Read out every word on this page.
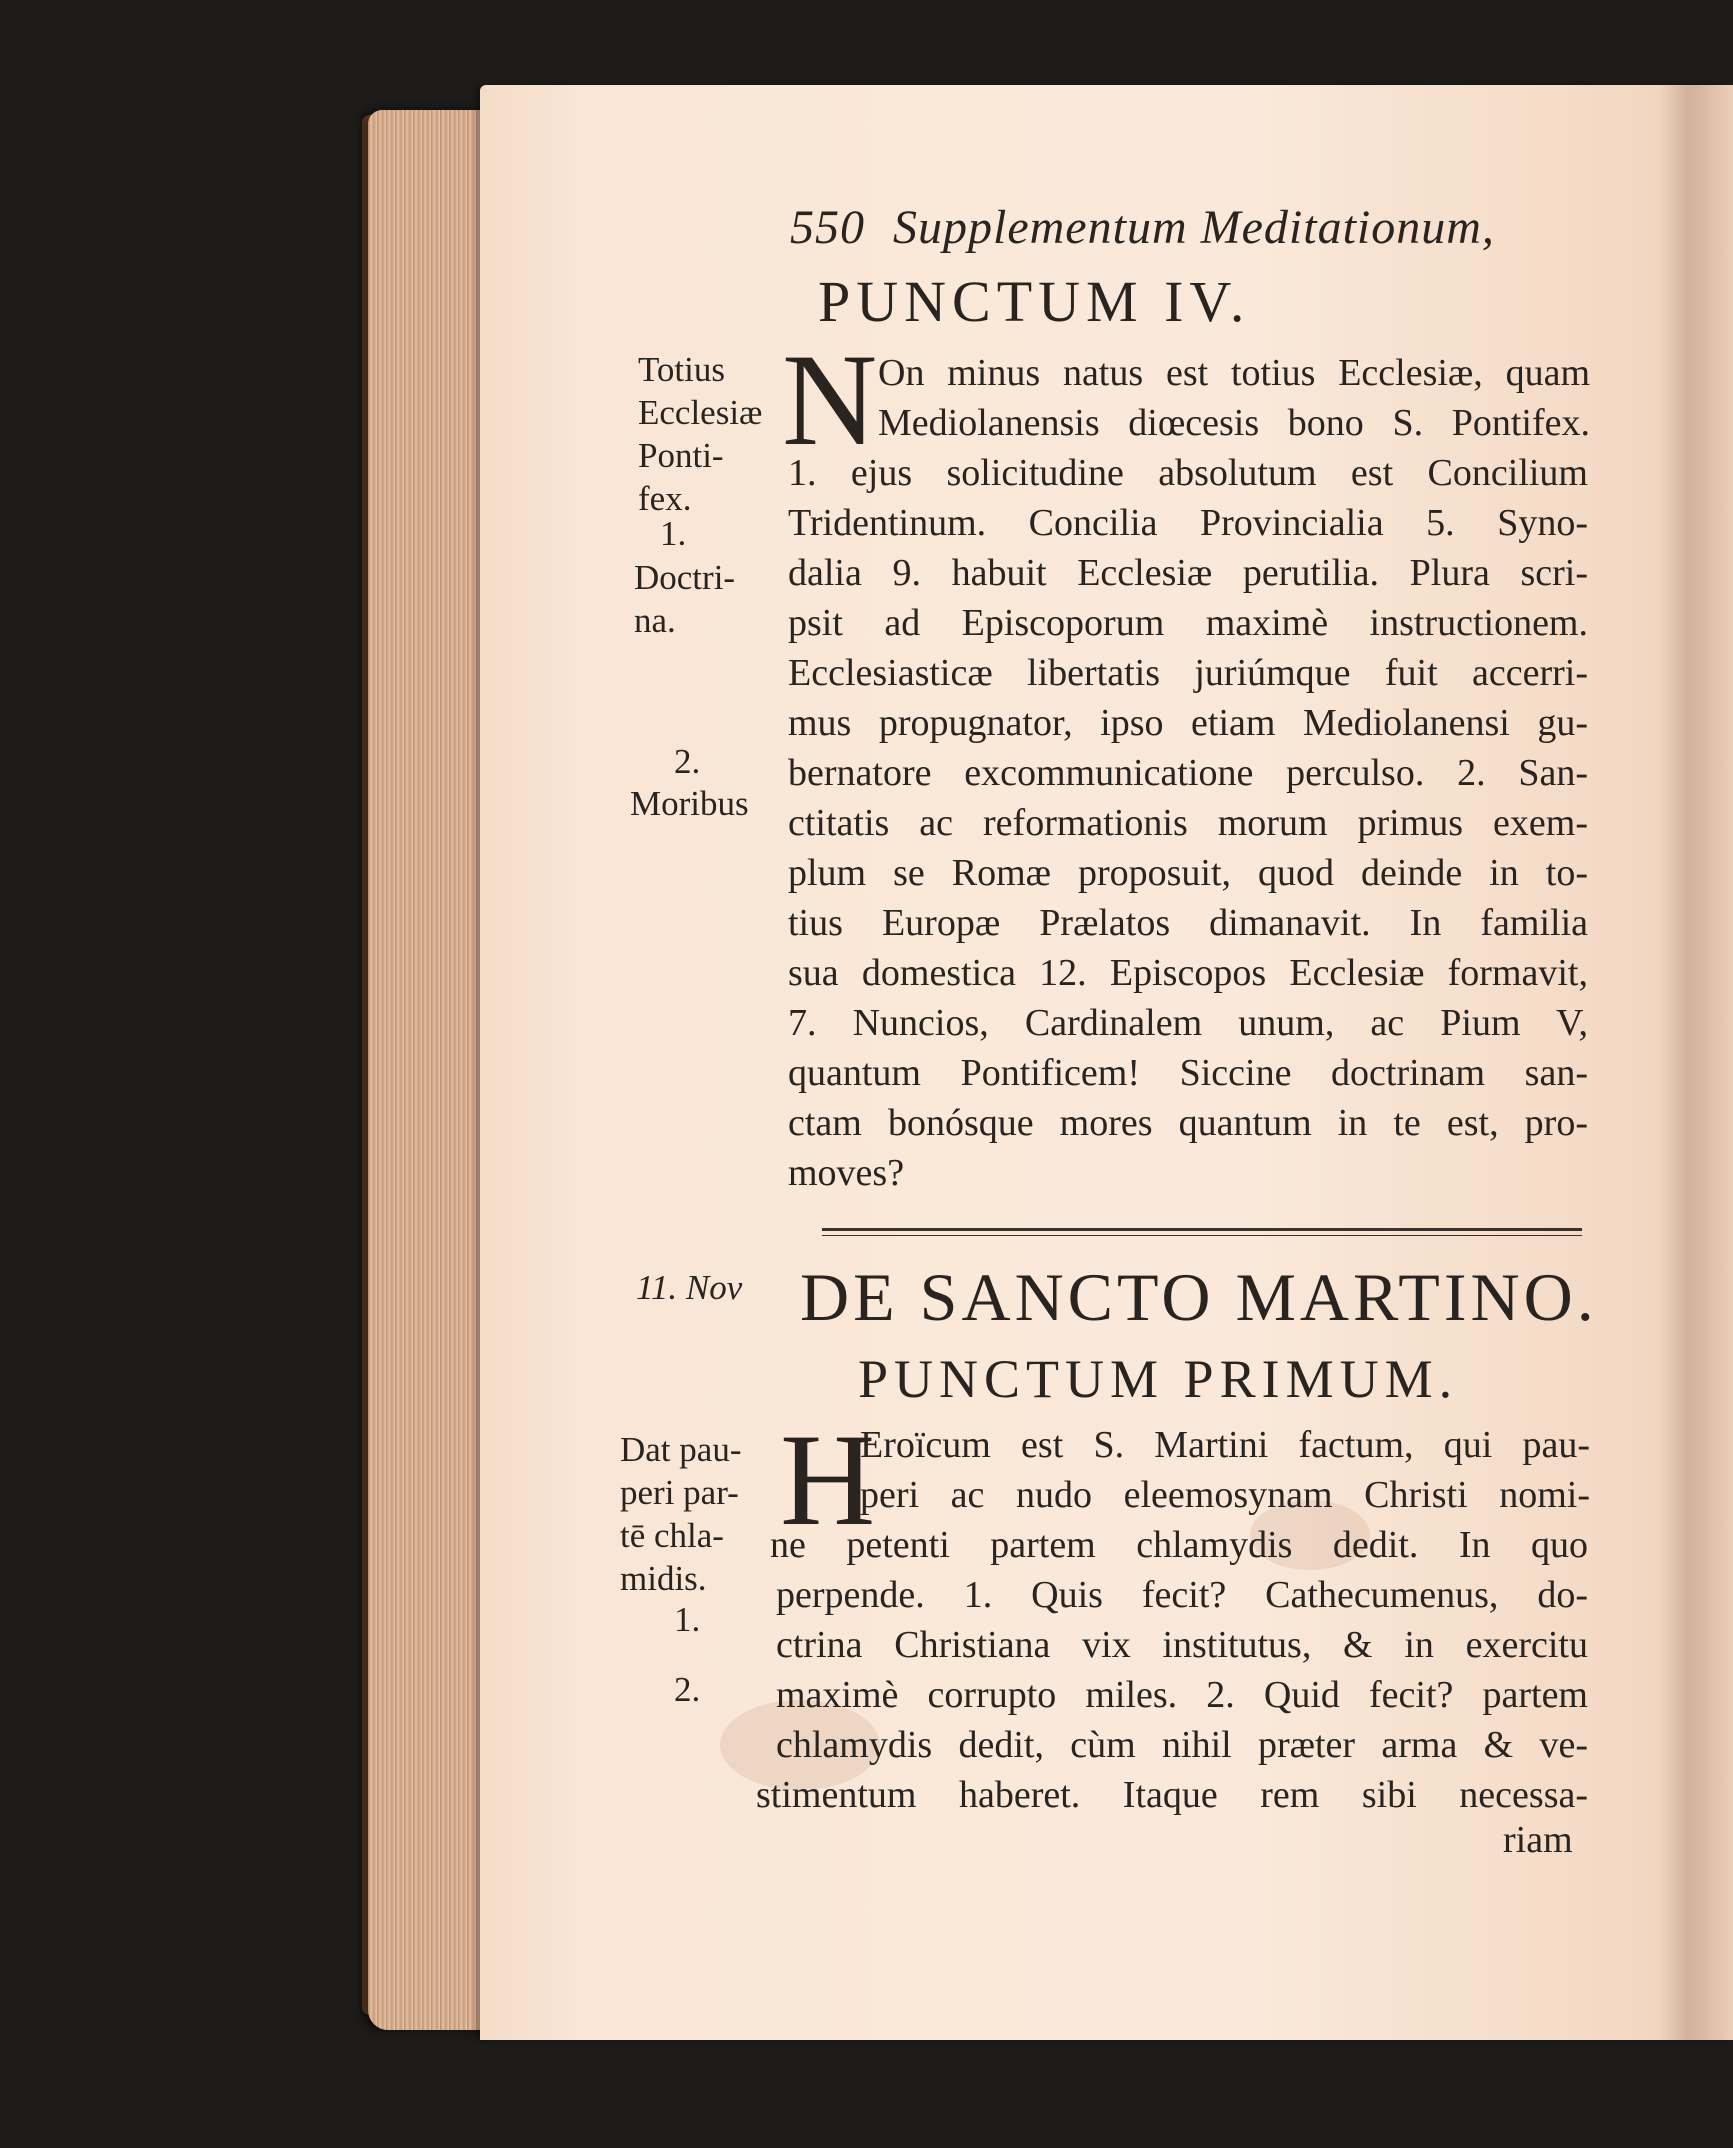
550 Supplementum Meditationum,
PUNCTUM IV.
Totius
Ecclesiæ
Ponti-
fex.
1.
Doctri-
na.
2.
Moribus
N On minus natus est totius Ecclesiæ, quam
Mediolanensis diœcesis bono S. Pontifex.
1. ejus solicitudine absolutum est Concilium
Tridentinum. Concilia Provincialia 5. Syno-
dalia 9. habuit Ecclesiæ perutilia. Plura scri-
psit ad Episcoporum maximè instructionem.
Ecclesiasticæ libertatis juriúmque fuit accerri-
mus propugnator, ipso etiam Mediolanensi gu-
bernatore excommunicatione perculso. 2. San-
ctitatis ac reformationis morum primus exem-
plum se Romæ proposuit, quod deinde in to-
tius Europæ Prælatos dimanavit. In familia
sua domestica 12. Episcopos Ecclesiæ formavit,
7. Nuncios, Cardinalem unum, ac Pium V,
quantum Pontificem! Siccine doctrinam san-
ctam bonósque mores quantum in te est, pro-
moves?
11. Nov DE SANCTO MARTINO.
PUNCTUM PRIMUM.
Dat pau-
peri par-
tē chla-
midis.
1.
2.
H
Eroïcum est S. Martini factum, qui pau-
peri ac nudo eleemosynam Christi nomi-
ne petenti partem chlamydis dedit. In quo
perpende. 1. Quis fecit? Cathecumenus, do-
ctrina Christiana vix institutus, & in exercitu
maximè corrupto miles. 2. Quid fecit? partem
chlamydis dedit, cùm nihil præter arma & ve-
stimentum haberet. Itaque rem sibi necessa-
riam
